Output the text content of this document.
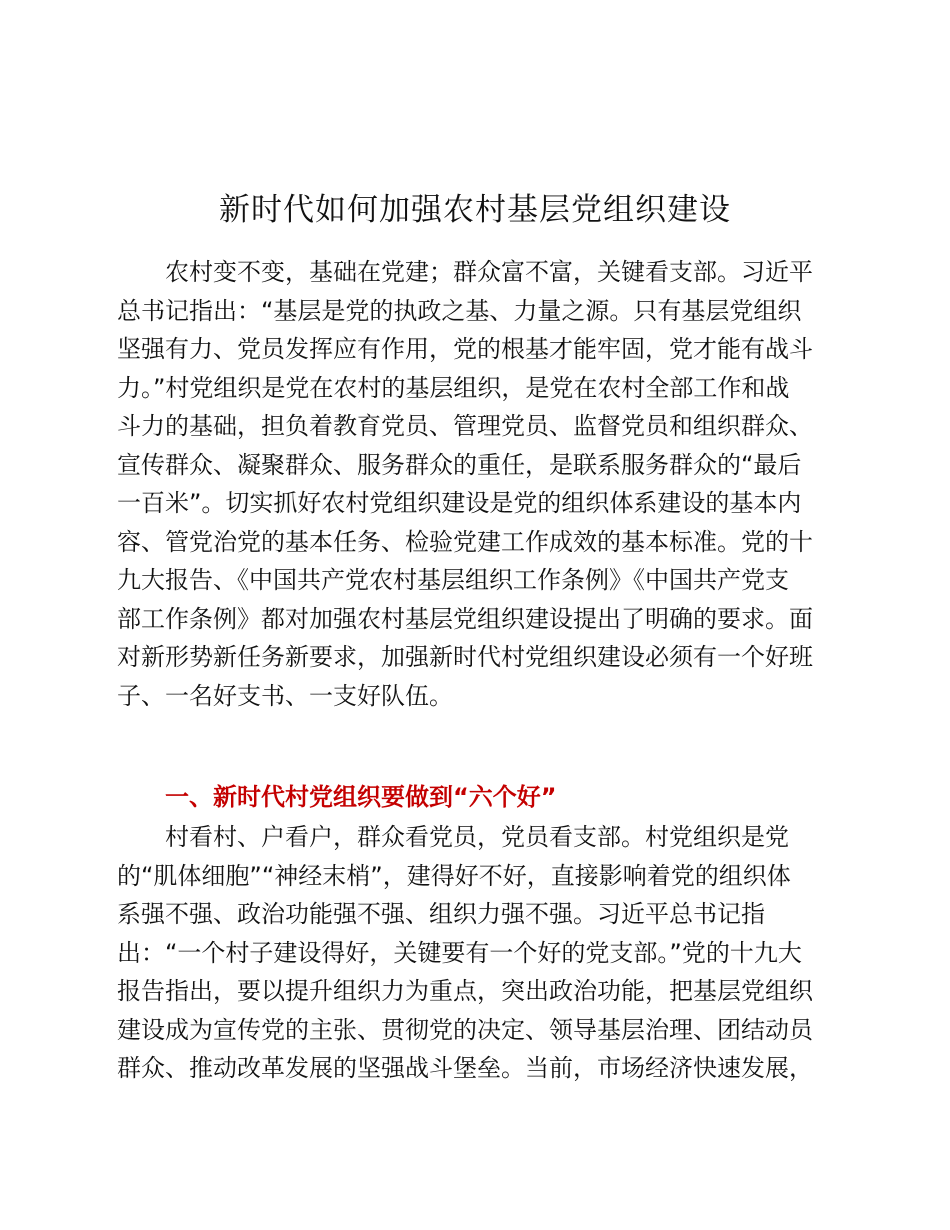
新时代如何加强农村基层党组织建设
　　农村变不变，基础在党建；群众富不富，关键看支部。习近平
总书记指出：“基层是党的执政之基、力量之源。只有基层党组织
坚强有力、党员发挥应有作用，党的根基才能牢固，党才能有战斗
力。”村党组织是党在农村的基层组织，是党在农村全部工作和战
斗力的基础，担负着教育党员、管理党员、监督党员和组织群众、
宣传群众、凝聚群众、服务群众的重任，是联系服务群众的“最后
一百米”。切实抓好农村党组织建设是党的组织体系建设的基本内
容、管党治党的基本任务、检验党建工作成效的基本标准。党的十
九大报告、《中国共产党农村基层组织工作条例》《中国共产党支
部工作条例》都对加强农村基层党组织建设提出了明确的要求。面
对新形势新任务新要求，加强新时代村党组织建设必须有一个好班
子、一名好支书、一支好队伍。
一、新时代村党组织要做到“六个好”
　　村看村、户看户，群众看党员，党员看支部。村党组织是党
的“肌体细胞”“神经末梢”，建得好不好，直接影响着党的组织体
系强不强、政治功能强不强、组织力强不强。习近平总书记指
出：“一个村子建设得好，关键要有一个好的党支部。”党的十九大
报告指出，要以提升组织力为重点，突出政治功能，把基层党组织
建设成为宣传党的主张、贯彻党的决定、领导基层治理、团结动员
群众、推动改革发展的坚强战斗堡垒。当前，市场经济快速发展，
